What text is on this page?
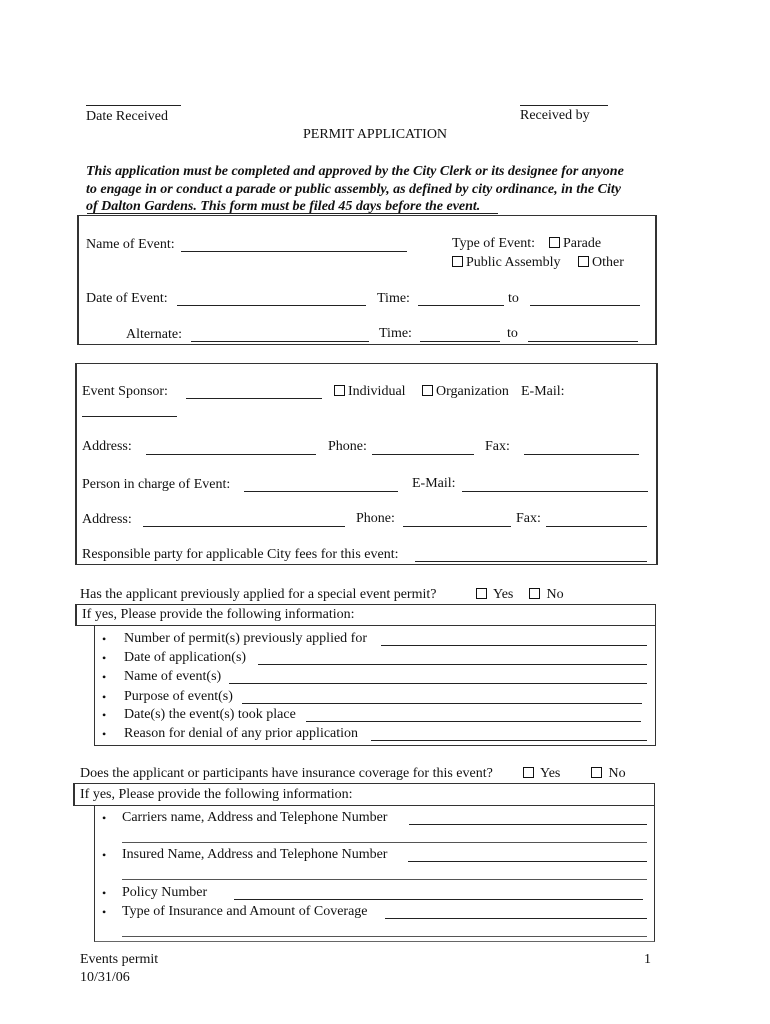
Date Received	Received by
PERMIT APPLICATION
This application must be completed and approved by the City Clerk or its designee for anyone
to engage in or conduct a parade or public assembly, as defined by city ordinance, in the City
of Dalton Gardens. This form must be filed 45 days before the event.
Name of Event:	Type of Event:	Parade
Public Assembly	Other
Date of Event:	Time:	to
Alternate:	Time:	to
Event Sponsor:	Individual	Organization E-Mail:
Address:	Phone:	Fax:
Person in charge of Event:	E-Mail:
Address:	Phone:	Fax:
Responsible party for applicable City fees for this event:
Has the applicant previously applied for a special event permit?	Yes	No
If yes, Please provide the following information:
• Number of permit(s) previously applied for
• Date of application(s)
• Name of event(s)
• Purpose of event(s)
• Date(s) the event(s) took place
• Reason for denial of any prior application
Does the applicant or participants have insurance coverage for this event?	Yes	No
If yes, Please provide the following information:
• Carriers name, Address and Telephone Number
• Insured Name, Address and Telephone Number
• Policy Number
• Type of Insurance and Amount of Coverage
Events permit
10/31/06
1
